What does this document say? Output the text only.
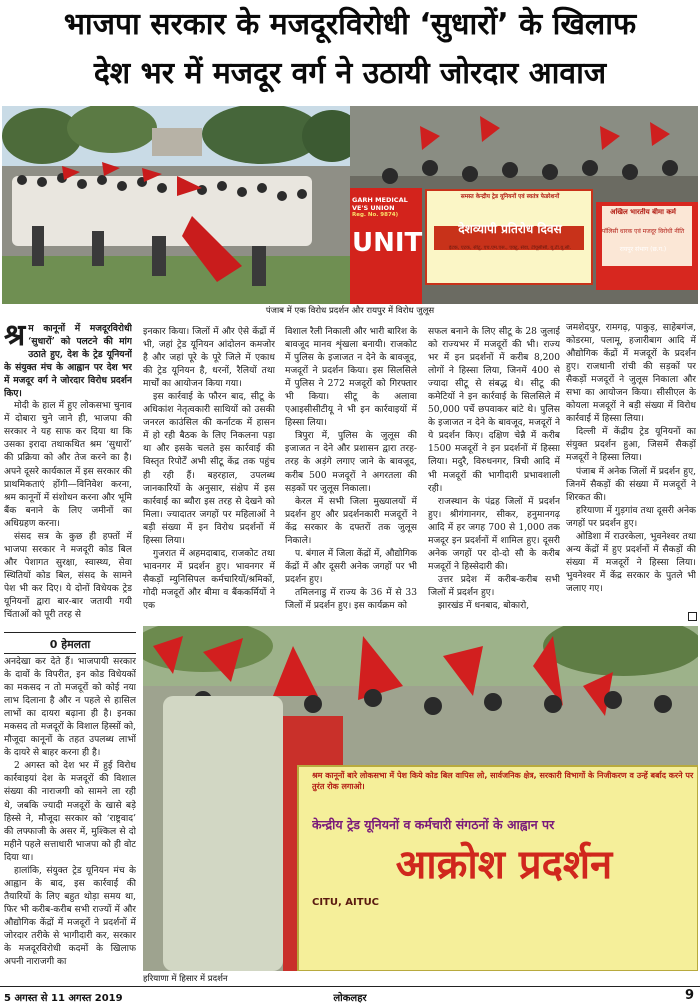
भाजपा सरकार के मजदूरविरोधी ‘सुधारों’ के खिलाफ
देश भर में मजदूर वर्ग ने उठायी जोरदार आवाज
GARH MEDICAL
VE'S UNION
Reg. No. 9874)
UNIT
समस्त केन्द्रीय ट्रेड यूनियनों एवं स्वतंत्र फेडरेशनों
देशव्यापी प्रतिरोध दिवस
इंटक, एटक, सीटू, एच.एम.एस., एक्टू, सेवा, टीयूसीसी, यू.टी.यू.सी.
अखिल भारतीय बीमा कर्म
पॉलिसी धारक एवं मजदूर विरोधी नीति
रायपुर संभाग (छ.ग.)
पंजाब में एक विरोध प्रदर्शन और रायपुर में विरोध जुलूस
श्र म कानूनों में मजदूरविरोधी ‘सुधारों’ को पलटने की मांग उठाते हुए, देश के ट्रेड यूनियनों के संयुक्त मंच के आह्वान पर देश भर में मजदूर वर्ग ने जोरदार विरोध प्रदर्शन किए।

मोदी के हाल में हुए लोकसभा चुनाव में दोबारा चुने जाने ही, भाजपा की सरकार ने यह साफ कर दिया था कि उसका इरादा तथाकथित श्रम ‘सुधारों’ की प्रक्रिया को और तेज करने का है। अपने दूसरे कार्यकाल में इस सरकार की प्राथमिकताएं होंगी—विनिवेश करना, श्रम कानूनों में संशोधन करना और भूमि बैंक बनाने के लिए जमीनों का अधिग्रहण करना।

संसद सत्र के कुछ ही हफ्तों में भाजपा सरकार ने मजदूरी कोड बिल और पेशागत सुरक्षा, स्वास्थ्य, सेवा स्थितियों कोड बिल, संसद के सामने पेश भी कर दिए। ये दोनों विधेयक ट्रेड यूनियनों द्वारा बार-बार जतायी गयी चिंताओं को पूरी तरह से

इनकार किया। जिलों में और ऐसे केंद्रों में भी, जहां ट्रेड यूनियन आंदोलन कमजोर है और जहां पूरे के पूरे जिले में एकाध की ट्रेड यूनियन है, धरनों, रैलियों तथा मार्चों का आयोजन किया गया।

इस कार्रवाई के फौरन बाद, सीटू के अधिकांश नेतृत्वकारी साथियों को उसकी जनरल काउंसिल की कर्नाटक में हासन में हो रही बैठक के लिए निकलना पड़ा था और इसके चलते इस कार्रवाई की विस्तृत रिपोर्टें अभी सीटू केंद्र तक पहुंच ही रही हैं। बहरहाल, उपलब्ध जानकारियों के अनुसार, संक्षेप में इस कार्रवाई का ब्यौरा इस तरह से देखने को मिला। ज्यादातर जगहों पर महिलाओं ने बड़ी संख्या में इन विरोध प्रदर्शनों में हिस्सा लिया।

गुजरात में अहमदाबाद, राजकोट तथा भावनगर में प्रदर्शन हुए। भावनगर में सैकड़ों म्युनिसिपल कर्मचारियों/श्रमिकों, गोदी मजदूरों और बीमा व बैंककर्मियों ने एक

विशाल रैली निकाली और भारी बारिश के बावजूद मानव शृंखला बनायी। राजकोट में पुलिस के इजाजत न देने के बावजूद, मजदूरों ने प्रदर्शन किया। इस सिलसिले में पुलिस ने 272 मजदूरों को गिरफ्तार भी किया। सीटू के अलावा एआइसीसीटीयू ने भी इन कार्रवाइयों में हिस्सा लिया।

त्रिपुरा में, पुलिस के जुलूस की इजाजत न देने और प्रशासन द्वारा तरह-तरह के अड़ंगे लगाए जाने के बावजूद, करीब 500 मजदूरों ने अगरतला की सड़कों पर जुलूस निकाला।

केरल में सभी जिला मुख्यालयों में प्रदर्शन हुए और प्रदर्शनकारी मजदूरों ने केंद्र सरकार के दफ्तरों तक जुलूस निकाले।

प. बंगाल में जिला केंद्रों में, औद्योगिक केंद्रों में और दूसरी अनेक जगहों पर भी प्रदर्शन हुए।

तमिलनाडु में राज्य के 36 में से 33 जिलों में प्रदर्शन हुए। इस कार्यक्रम को

सफल बनाने के लिए सीटू के 28 जुलाई को राज्यभर में मजदूरों की भी। राज्य भर में इन प्रदर्शनों में करीब 8,200 लोगों ने हिस्सा लिया, जिनमें 400 से ज्यादा सीटू से संबद्ध थे। सीटू की कमेटियों ने इन कार्रवाई के सिलसिले में 50,000 पर्चे छपवाकर बांटे थे। पुलिस के इजाजत न देने के बावजूद, मजदूरों ने ये प्रदर्शन किए। दक्षिण चेन्नै में करीब 1500 मजदूरों ने इन प्रदर्शनों में हिस्सा लिया। मदुरै, विरुधनगर, त्रिची आदि में भी मजदूरों की भागीदारी प्रभावशाली रही।

राजस्थान के पंद्रह जिलों में प्रदर्शन हुए। श्रीगंगानगर, सीकर, हनुमानगढ़ आदि में हर जगह 700 से 1,000 तक मजदूर इन प्रदर्शनों में शामिल हुए। दूसरी अनेक जगहों पर दो-दो सौ के करीब मजदूरों ने हिस्सेदारी की।

उत्तर प्रदेश में करीब-करीब सभी जिलों में प्रदर्शन हुए।

झारखंड में धनबाद, बोकारो,

जमशेदपुर, रामगढ़, पाकुड़, साहेबगंज, कोडरमा, पलामू, हजारीबाग आदि में औद्योगिक केंद्रों में मजदूरों के प्रदर्शन हुए। राजधानी रांची की सड़कों पर सैकड़ों मजदूरों ने जुलूस निकाला और सभा का आयोजन किया। सीसीएल के कोयला मजदूरों ने बड़ी संख्या में विरोध कार्रवाई में हिस्सा लिया।

दिल्ली में केंद्रीय ट्रेड यूनियनों का संयुक्त प्रदर्शन हुआ, जिसमें सैकड़ों मजदूरों ने हिस्सा लिया।

पंजाब में अनेक जिलों में प्रदर्शन हुए, जिनमें सैकड़ों की संख्या में मजदूरों ने शिरकत की।

हरियाणा में गुड़गांव तथा दूसरी अनेक जगहों पर प्रदर्शन हुए।

ओडिशा में राउरकेला, भुवनेश्वर तथा अन्य केंद्रों में हुए प्रदर्शनों में सैकड़ों की संख्या में मजदूरों ने हिस्सा लिया। भुवनेश्वर में केंद्र सरकार के पुतले भी जलाए गए।

0 हेमलता

अनदेखा कर देते हैं। भाजपायी सरकार के दावों के विपरीत, इन कोड विधेयकों का मकसद न तो मजदूरों को कोई नया लाभ दिलाना है और न पहले से हासिल लाभों का दायरा बढ़ाना ही है। इनका मकसद तो मजदूरों के विशाल हिस्सों को, मौजूदा कानूनों के तहत उपलब्ध लाभों के दायरे से बाहर करना ही है।

2 अगस्त को देश भर में हुई विरोध कार्रवाइयां देश के मजदूरों की विशाल संख्या की नाराजगी को सामने ला रही थे, जबकि ज्यादी मजदूरों के खासे बड़े हिस्से ने, मौजूदा सरकार को ‘राष्ट्रवाद’ की लफ्फाजी के असर में, मुश्किल से दो महीने पहले सत्ताधारी भाजपा को ही वोट दिया था।

हालांकि, संयुक्त ट्रेड यूनियन मंच के आह्वान के बाद, इस कार्रवाई की तैयारियों के लिए बहुत थोड़ा समय था, फिर भी करीब-करीब सभी राज्यों में और औद्योगिक केंद्रों में मजदूरों ने प्रदर्शनों में जोरदार तरीके से भागीदारी कर, सरकार के मजदूरविरोधी कदमों के खिलाफ अपनी नाराजगी का

श्रम कानूनों बारे लोकसभा में पेश किये कोड बिल वापिस लो, सार्वजनिक क्षेत्र, सरकारी विभागों के निजीकरण व उन्हें बर्बाद करने पर तुरंत रोक लगाओ।
केन्द्रीय ट्रेड यूनियनों व कर्मचारी संगठनों के आह्वान पर
आक्रोश प्रदर्शन
CITU, AITUC
हरियाणा में हिसार में प्रदर्शन
5 अगस्त से 11 अगस्त 2019	लोकलहर	9
